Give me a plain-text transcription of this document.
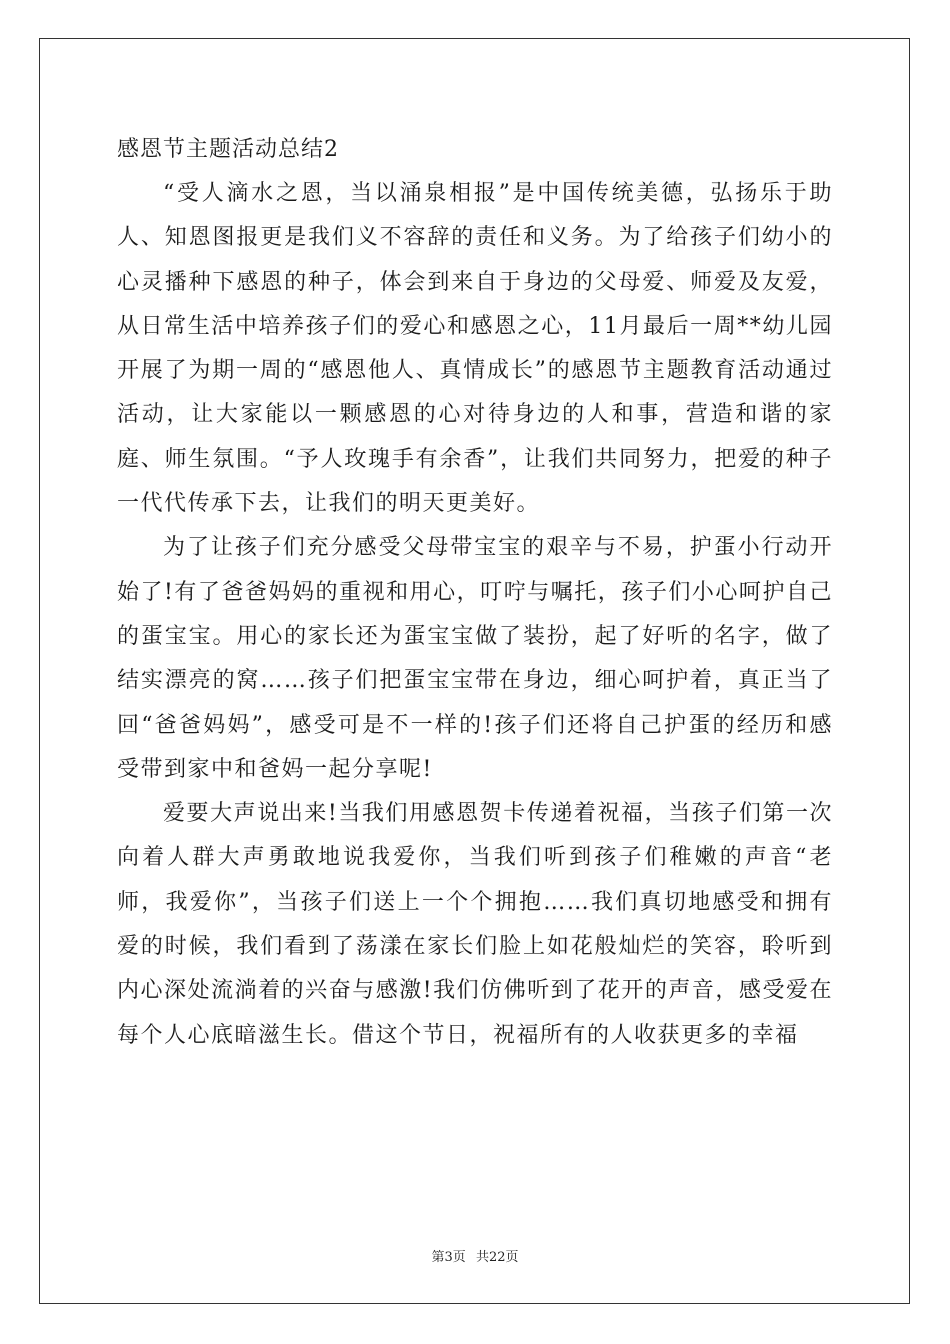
感恩节主题活动总结2

“受人滴水之恩，当以涌泉相报”是中国传统美德，弘扬乐于助人、知恩图报更是我们义不容辞的责任和义务。为了给孩子们幼小的心灵播种下感恩的种子，体会到来自于身边的父母爱、师爱及友爱，从日常生活中培养孩子们的爱心和感恩之心，11月最后一周**幼儿园开展了为期一周的“感恩他人、真情成长”的感恩节主题教育活动通过活动，让大家能以一颗感恩的心对待身边的人和事，营造和谐的家庭、师生氛围。“予人玫瑰手有余香”，让我们共同努力，把爱的种子一代代传承下去，让我们的明天更美好。

为了让孩子们充分感受父母带宝宝的艰辛与不易，护蛋小行动开始了!有了爸爸妈妈的重视和用心，叮咛与嘱托，孩子们小心呵护自己的蛋宝宝。用心的家长还为蛋宝宝做了装扮，起了好听的名字，做了结实漂亮的窝……孩子们把蛋宝宝带在身边，细心呵护着，真正当了回“爸爸妈妈”，感受可是不一样的!孩子们还将自己护蛋的经历和感受带到家中和爸妈一起分享呢!

爱要大声说出来!当我们用感恩贺卡传递着祝福，当孩子们第一次向着人群大声勇敢地说我爱你，当我们听到孩子们稚嫩的声音“老师，我爱你”，当孩子们送上一个个拥抱……我们真切地感受和拥有爱的时候，我们看到了荡漾在家长们脸上如花般灿烂的笑容，聆听到内心深处流淌着的兴奋与感激!我们仿佛听到了花开的声音，感受爱在每个人心底暗滋生长。借这个节日，祝福所有的人收获更多的幸福

第3页 共22页
